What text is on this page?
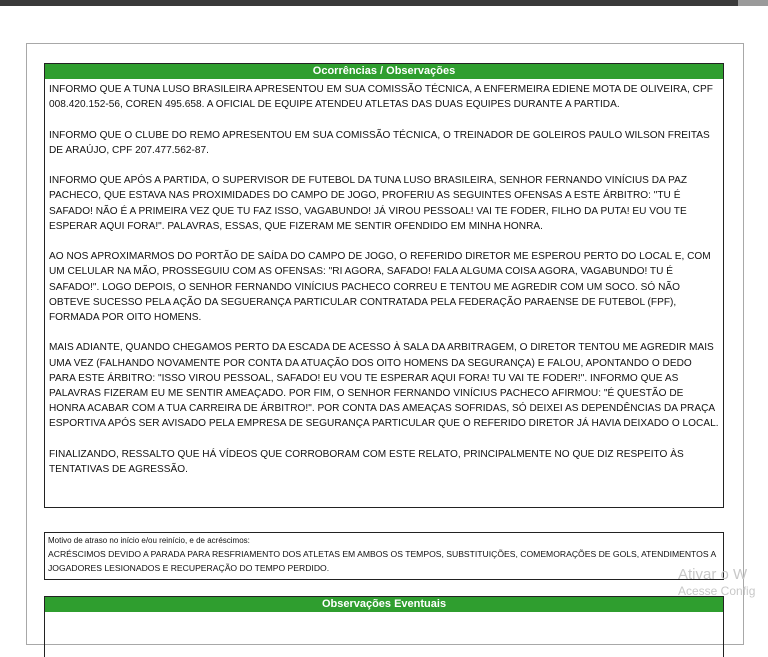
Ocorrências / Observações

INFORMO QUE A TUNA LUSO BRASILEIRA APRESENTOU EM SUA COMISSÃO TÉCNICA, A ENFERMEIRA EDIENE MOTA DE OLIVEIRA, CPF 008.420.152-56, COREN 495.658. A OFICIAL DE EQUIPE ATENDEU ATLETAS DAS DUAS EQUIPES DURANTE A PARTIDA.

INFORMO QUE O CLUBE DO REMO APRESENTOU EM SUA COMISSÃO TÉCNICA, O TREINADOR DE GOLEIROS PAULO WILSON FREITAS DE ARAÚJO, CPF 207.477.562-87.

INFORMO QUE APÓS A PARTIDA, O SUPERVISOR DE FUTEBOL DA TUNA LUSO BRASILEIRA, SENHOR FERNANDO VINÍCIUS DA PAZ PACHECO, QUE ESTAVA NAS PROXIMIDADES DO CAMPO DE JOGO, PROFERIU AS SEGUINTES OFENSAS A ESTE ÁRBITRO: "TU É SAFADO! NÃO É A PRIMEIRA VEZ QUE TU FAZ ISSO, VAGABUNDO! JÁ VIROU PESSOAL! VAI TE FODER, FILHO DA PUTA! EU VOU TE ESPERAR AQUI FORA!". PALAVRAS, ESSAS, QUE FIZERAM ME SENTIR OFENDIDO EM MINHA HONRA.

AO NOS APROXIMARMOS DO PORTÃO DE SAÍDA DO CAMPO DE JOGO, O REFERIDO DIRETOR ME ESPEROU PERTO DO LOCAL E, COM UM CELULAR NA MÃO, PROSSEGUIU COM AS OFENSAS: "RI AGORA, SAFADO! FALA ALGUMA COISA AGORA, VAGABUNDO! TU É SAFADO!". LOGO DEPOIS, O SENHOR FERNANDO VINÍCIUS PACHECO CORREU E TENTOU ME AGREDIR COM UM SOCO. SÓ NÃO OBTEVE SUCESSO PELA AÇÃO DA SEGUERANÇA PARTICULAR CONTRATADA PELA FEDERAÇÃO PARAENSE DE FUTEBOL (FPF), FORMADA POR OITO HOMENS.

MAIS ADIANTE, QUANDO CHEGAMOS PERTO DA ESCADA DE ACESSO À SALA DA ARBITRAGEM, O DIRETOR TENTOU ME AGREDIR MAIS UMA VEZ (FALHANDO NOVAMENTE POR CONTA DA ATUAÇÃO DOS OITO HOMENS DA SEGURANÇA) E FALOU, APONTANDO O DEDO PARA ESTE ÁRBITRO: "ISSO VIROU PESSOAL, SAFADO! EU VOU TE ESPERAR AQUI FORA! TU VAI TE FODER!". INFORMO QUE AS PALAVRAS FIZERAM EU ME SENTIR AMEAÇADO. POR FIM, O SENHOR FERNANDO VINÍCIUS PACHECO AFIRMOU: "É QUESTÃO DE HONRA ACABAR COM A TUA CARREIRA DE ÁRBITRO!". POR CONTA DAS AMEAÇAS SOFRIDAS, SÓ DEIXEI AS DEPENDÊNCIAS DA PRAÇA ESPORTIVA APÓS SER AVISADO PELA EMPRESA DE SEGURANÇA PARTICULAR QUE O REFERIDO DIRETOR JÁ HAVIA DEIXADO O LOCAL.

FINALIZANDO, RESSALTO QUE HÁ VÍDEOS QUE CORROBORAM COM ESTE RELATO, PRINCIPALMENTE NO QUE DIZ RESPEITO ÀS TENTATIVAS DE AGRESSÃO.

Motivo de atraso no início e/ou reinício, e de acréscimos:
ACRÉSCIMOS DEVIDO A PARADA PARA RESFRIAMENTO DOS ATLETAS EM AMBOS OS TEMPOS, SUBSTITUIÇÕES, COMEMORAÇÕES DE GOLS, ATENDIMENTOS A JOGADORES LESIONADOS E RECUPERAÇÃO DO TEMPO PERDIDO.
Observações Eventuais
Ativar o W
Acesse Config
